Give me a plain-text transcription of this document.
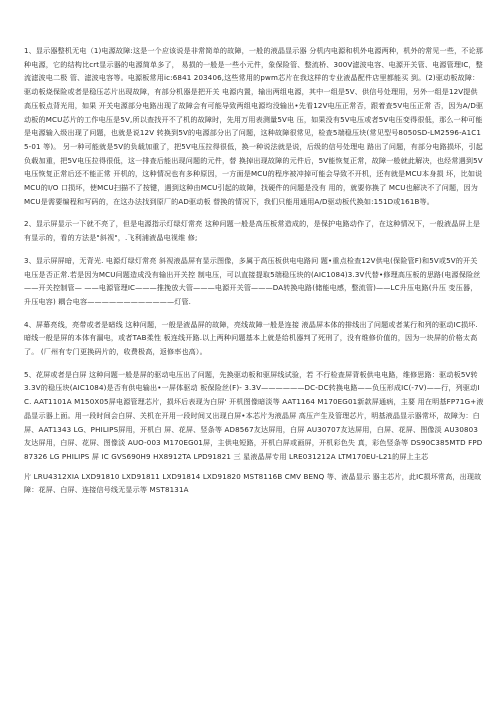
1、显示器整机无电（1)电源故障:这是一个应该说是非常简单的故障，一般的液晶显示器 分机内电源和机外电源两种，机外的常见一些，不论那种电源，它的结构比crt显示器的电源简单多了， 易损的一般是一些小元件，象保险管、整流桥、300V滤波电容、电源开关管、电源管理IC，整流滤波电二极 管、滤波电容等。电源板常用ic:6841 203406,这些常用的pwm芯片在我这样的专业液晶配件店里都能买 到。(2)驱动板故障：驱动板烧保险或者是稳压芯片出现故障，有部分机器是把开关 电源内置，输出两组电源，其中一组是5V、供信号处理用，另外一组是12V提供高压板点背光用，如果 开关电源部分电路出现了故障会有可能导致两组电源均没输出•先看12V电压正常否，跟着查5V电压正常 否，因为A/D驱动板的MCU芯片的工作电压是5V,所以查找开不了机的故障时，先用万用表测量5V电 压，如果没有5V电压或者5V电压变得很低，那么一种可能是电源输入级出现了问题，也就是说12V 转换到5V的电源部分出了问题，这种故障很常见，检查5端稳压块(常见型号8050SD-LM2596-A1C15-01 等)。 另一种可能就是5V的负载加重了，把5V电压拉得很低，换一种说法就是说，后级的信号处理电 路出了问题，有部分电路损坏，引起负载加重，把5V电压拉得很低，这一排查后能出现问题的元件，替 换掉出现故障的元件后，5V能恢复正常，故障一般就此解决，也经常遇到5V电压恢复正常后还不能正常 开机的，这种情况也有多种原因，一方面是MCU的程序被冲掉可能会导致不开机，还有就是MCU本身损 坏，比如说MCU的I/O 口损坏，使MCU扫描不了按键，遇到这种由MCU引起的故障，找硬件的问题是没有 用的，就要你换了 MCU也解决不了问题，因为MCU是需要编程和写码的，在这办法找到原厂的AD驱动板 替换的情况下，我们只能用通用A/D驱动板代换如:151D或161B等。

2、显示屏显示一下就不亮了，但是电源指示灯绿灯常亮 这种问题一般是高压板常造成的，是保护电路动作了，在这种情况下，一般液晶屏上是有显示的，看的方法是"斜视"，.飞利浦液晶电视维 修;

3、显示屏屏暗，无背光. 电源灯绿灯常亮 斜视液晶屏有显示图像，多属于高压板供电电路问 题•重点检查12V供电(保险管F)和5V或5V的开关电压是否正常.若是因为MCU问题造成没有输出开关控 制电压，可以直接提取5端稳压块的(AIC1084)3.3V代替•修理高压板的思路(电源保险丝——开关控制管— ——电源管理IC———推挽放大管———电源开关管———DA转换电路(储能电感，整流管)——LC升压电路(升压 变压器，升压电容) 耦合电容————————————灯管.

4、屏幕亮线，亮带或者是暗线 这种问题，一般是液晶屏的故障，亮线故障一般是连接 液晶屏本体的排线出了问题或者某行和列的驱动IC损坏. 暗线一般是屏的本体有漏电，或者TAB柔性 板连线开路.以上两种问题基本上就是给机器判了死刑了，没有维修价值的，因为一块屏的价格太高了。 (厂州有专门更换码片的，收费极高，返修率也高）。

5、花屏或者是白屏 这种问题一般是屏的驱动电压出了问题，先换驱动板和驱屏线试验，若 不行检查屏背板供电电路，维修思路：驱动板5V转3.3V的稳压块(AIC1084)是否有供电输出•一屏体驱动 板保险丝(F)- 3.3V——————DC-DC转换电路——负压形成IC(-7V)——行，列驱动IC. AAT1101A M150X05屏电源管理芯片，损坏后表现为白屏' 开机图像暗淡等 AAT1164 M170EG01新款屏通病，主要 用在明基FP71G+液晶显示器上面。用一段时间会白屏、关机在开用一段时间又出现白屏•本芯片为液晶屏 高压产生及管理芯片，明基液晶显示器常坏，故障为：白屏、AAT1343 LG、PHILIPS屏用，开机白 屏、花屏、竖条等 AD8567友达屏用，白屏 AU30707友达屏用，白屏、花屏、图像淡 AU30803 友达屏用，白屏、花屏、图像淡 AUO-003 M170EG01屏，主供电短路，开机白屏或画屏，开机彩色失 真，彩色竖条等 DS90C385MTD FPD87326 LG PHILIPS 屏 IC GVS690H9 HX8912TA LPD91821 三 星液晶屏专用 LRE031212A LTM170EU-L21的屏上主芯

片 LRU4312XIA LXD91810 LXD91811 LXD91814 LXD91820 MST8116B CMV BENQ 等、液晶显示 器主芯片，此IC损坏常高，出现故障：花屏、白屏、连接信号线无显示等 MST8131A
